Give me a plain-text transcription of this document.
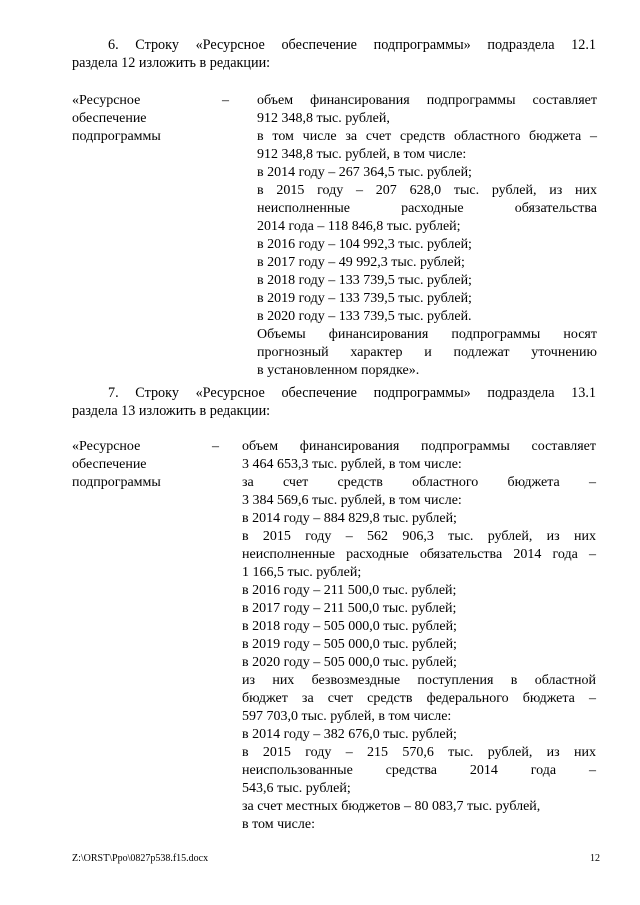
6. Строку «Ресурсное обеспечение подпрограммы» подраздела 12.1
раздела 12 изложить в редакции:
«Ресурсное
обеспечение
подпрограммы
– объем финансирования подпрограммы составляет
912 348,8 тыс. рублей,
в том числе за счет средств областного бюджета –
912 348,8 тыс. рублей, в том числе:
в 2014 году – 267 364,5 тыс. рублей;
в 2015 году – 207 628,0 тыс. рублей, из них
неисполненные расходные обязательства
2014 года – 118 846,8 тыс. рублей;
в 2016 году – 104 992,3 тыс. рублей;
в 2017 году – 49 992,3 тыс. рублей;
в 2018 году – 133 739,5 тыс. рублей;
в 2019 году – 133 739,5 тыс. рублей;
в 2020 году – 133 739,5 тыс. рублей.
Объемы финансирования подпрограммы носят
прогнозный характер и подлежат уточнению
в установленном порядке».
7. Строку «Ресурсное обеспечение подпрограммы» подраздела 13.1
раздела 13 изложить в редакции:
«Ресурсное
обеспечение
подпрограммы
– объем финансирования подпрограммы составляет
3 464 653,3 тыс. рублей, в том числе:
за счет средств областного бюджета –
3 384 569,6 тыс. рублей, в том числе:
в 2014 году – 884 829,8 тыс. рублей;
в 2015 году – 562 906,3 тыс. рублей, из них
неисполненные расходные обязательства 2014 года –
1 166,5 тыс. рублей;
в 2016 году – 211 500,0 тыс. рублей;
в 2017 году – 211 500,0 тыс. рублей;
в 2018 году – 505 000,0 тыс. рублей;
в 2019 году – 505 000,0 тыс. рублей;
в 2020 году – 505 000,0 тыс. рублей;
из них безвозмездные поступления в областной
бюджет за счет средств федерального бюджета –
597 703,0 тыс. рублей, в том числе:
в 2014 году – 382 676,0 тыс. рублей;
в 2015 году – 215 570,6 тыс. рублей, из них
неиспользованные средства 2014 года –
543,6 тыс. рублей;
за счет местных бюджетов – 80 083,7 тыс. рублей,
в том числе:
Z:\ORST\Ppo\0827p538.f15.docx	12
